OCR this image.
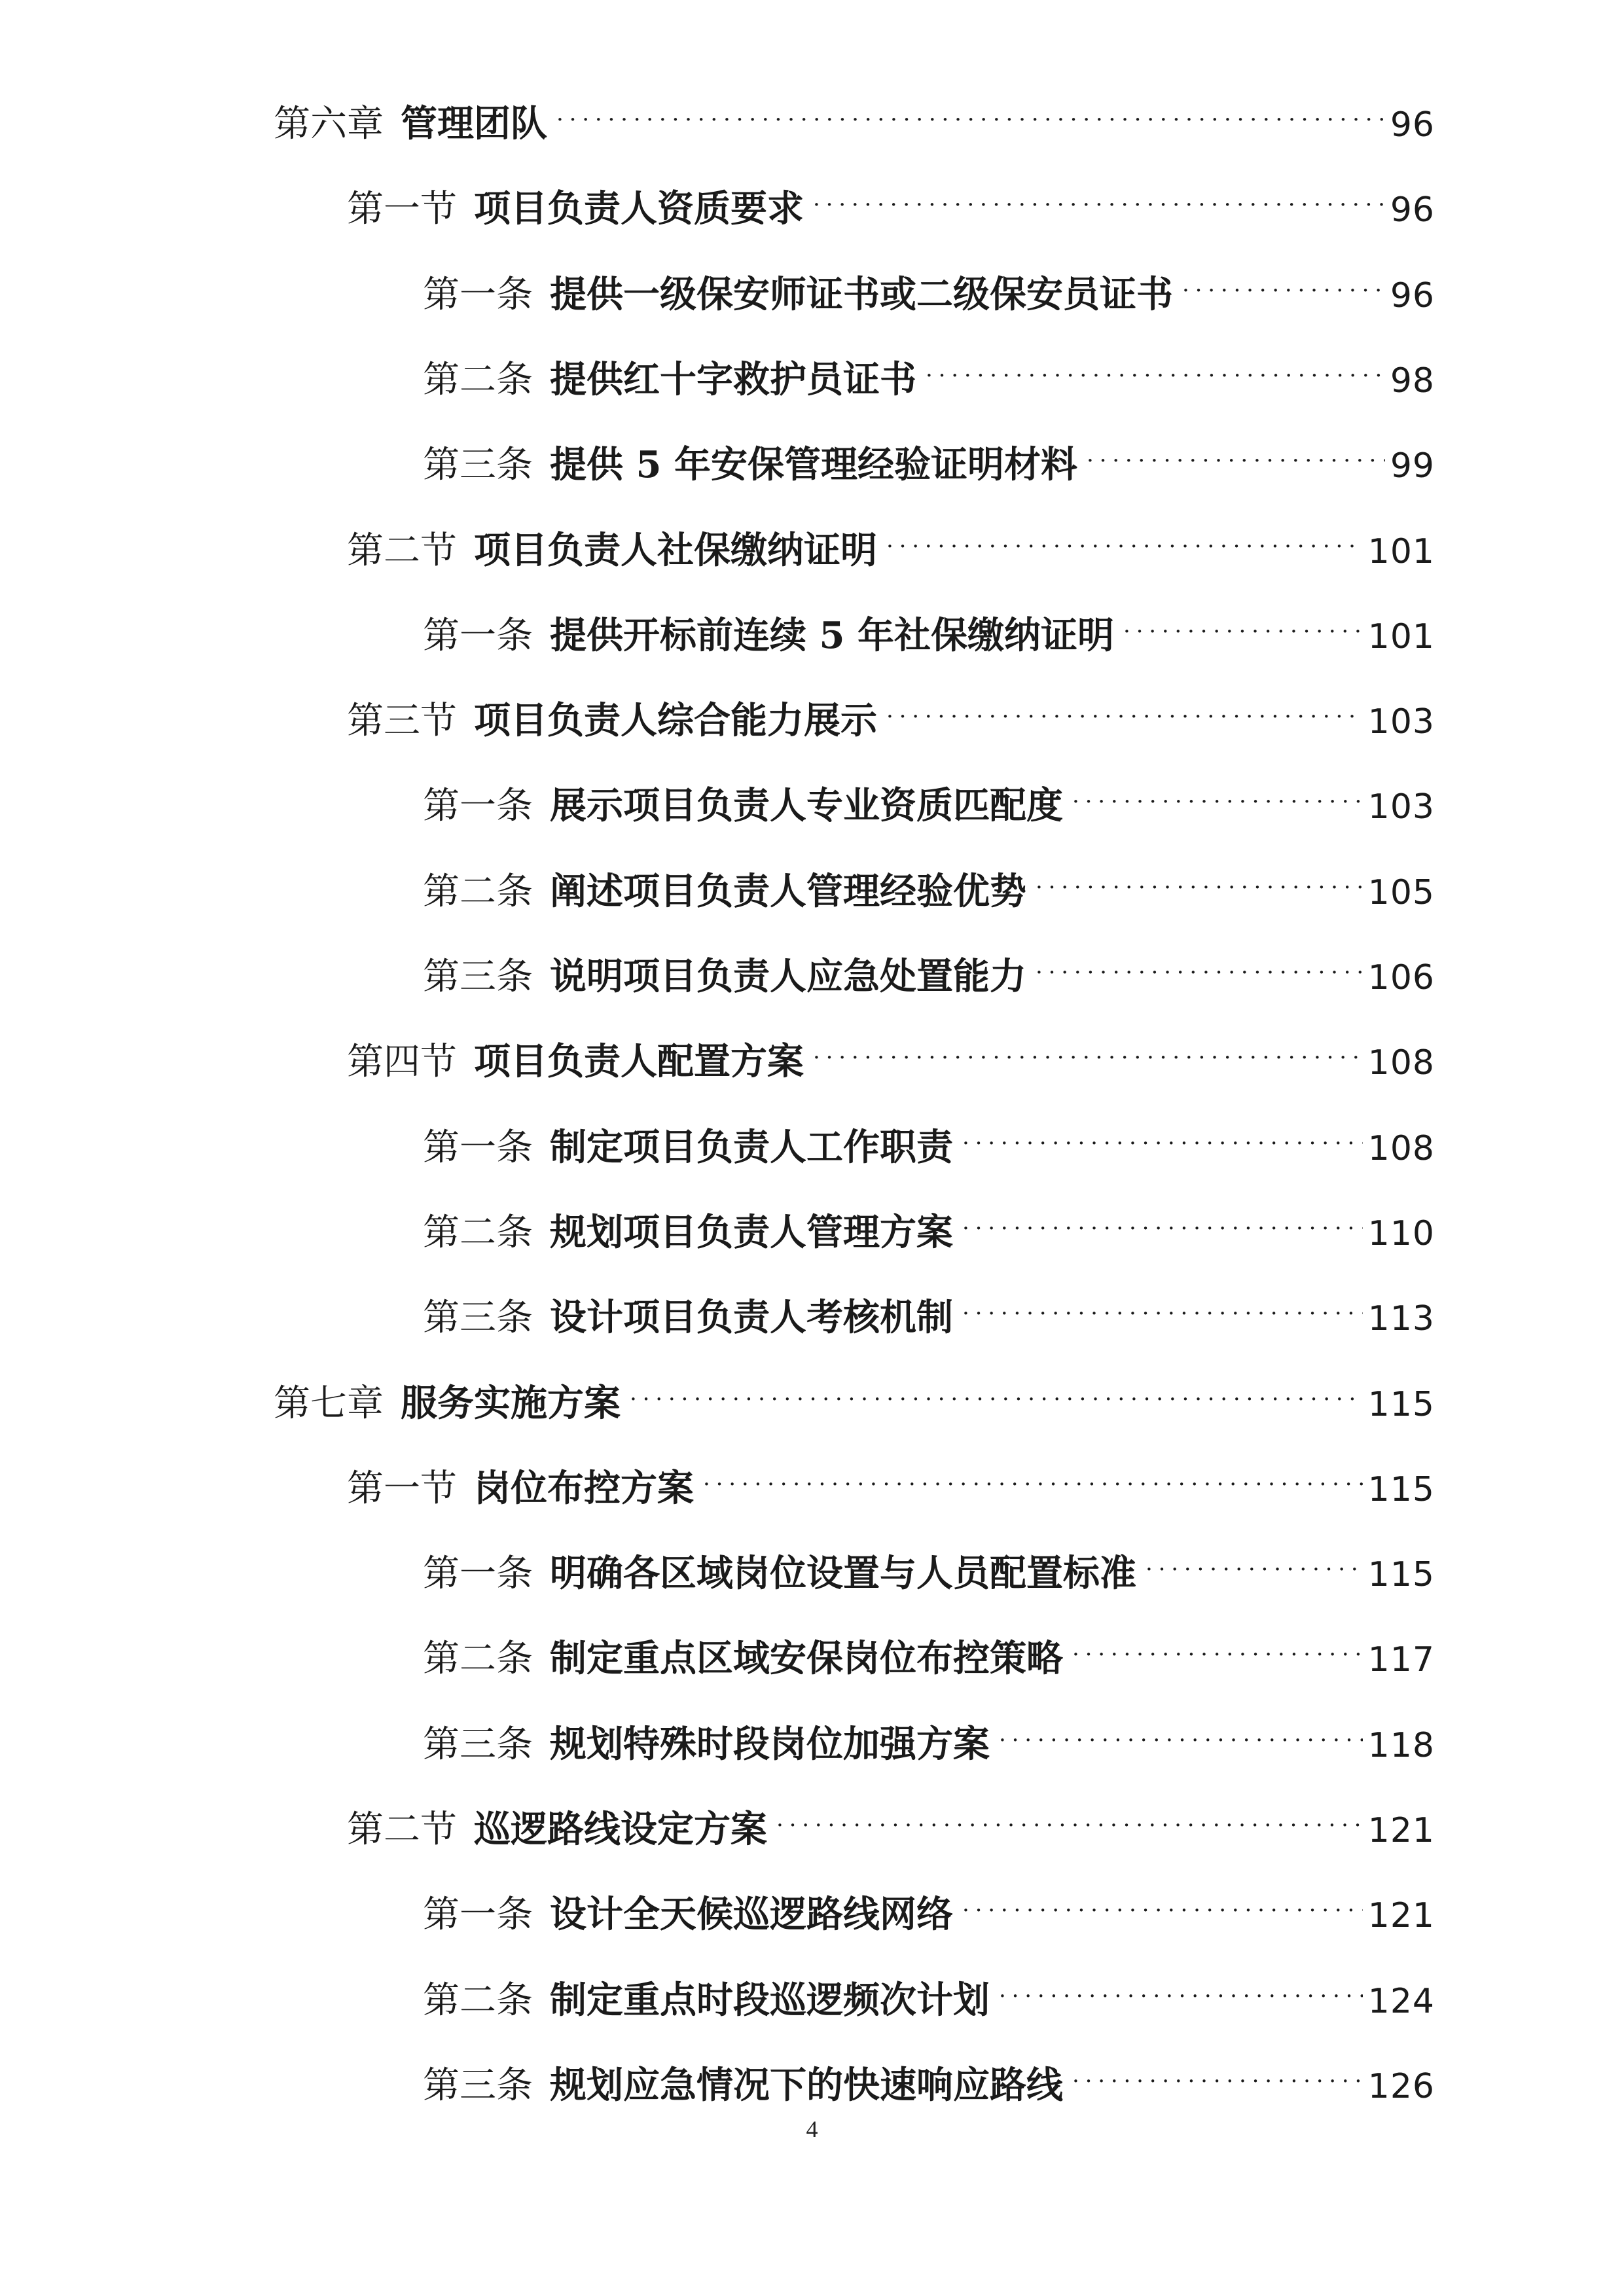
第六章 管理团队 . . .	96
第一节 项目负责人资质要求 . . .	96
第一条 提供一级保安师证书或二级保安员证书 . . .	96
第二条 提供红十字救护员证书 . . .	98
第三条 提供 5 年安保管理经验证明材料 . . .	99
第二节 项目负责人社保缴纳证明 . . .	101
第一条 提供开标前连续 5 年社保缴纳证明 . . .	101
第三节 项目负责人综合能力展示 . . .	103
第一条 展示项目负责人专业资质匹配度 . . .	103
第二条 阐述项目负责人管理经验优势 . . .	105
第三条 说明项目负责人应急处置能力 . . .	106
第四节 项目负责人配置方案 . . .	108
第一条 制定项目负责人工作职责 . . .	108
第二条 规划项目负责人管理方案 . . .	110
第三条 设计项目负责人考核机制 . . .	113
第七章 服务实施方案 . . .	115
第一节 岗位布控方案 . . .	115
第一条 明确各区域岗位设置与人员配置标准 . . .	115
第二条 制定重点区域安保岗位布控策略 . . .	117
第三条 规划特殊时段岗位加强方案 . . .	118
第二节 巡逻路线设定方案 . . .	121
第一条 设计全天候巡逻路线网络 . . .	121
第二条 制定重点时段巡逻频次计划 . . .	124
第三条 规划应急情况下的快速响应路线 . . .	126
4
